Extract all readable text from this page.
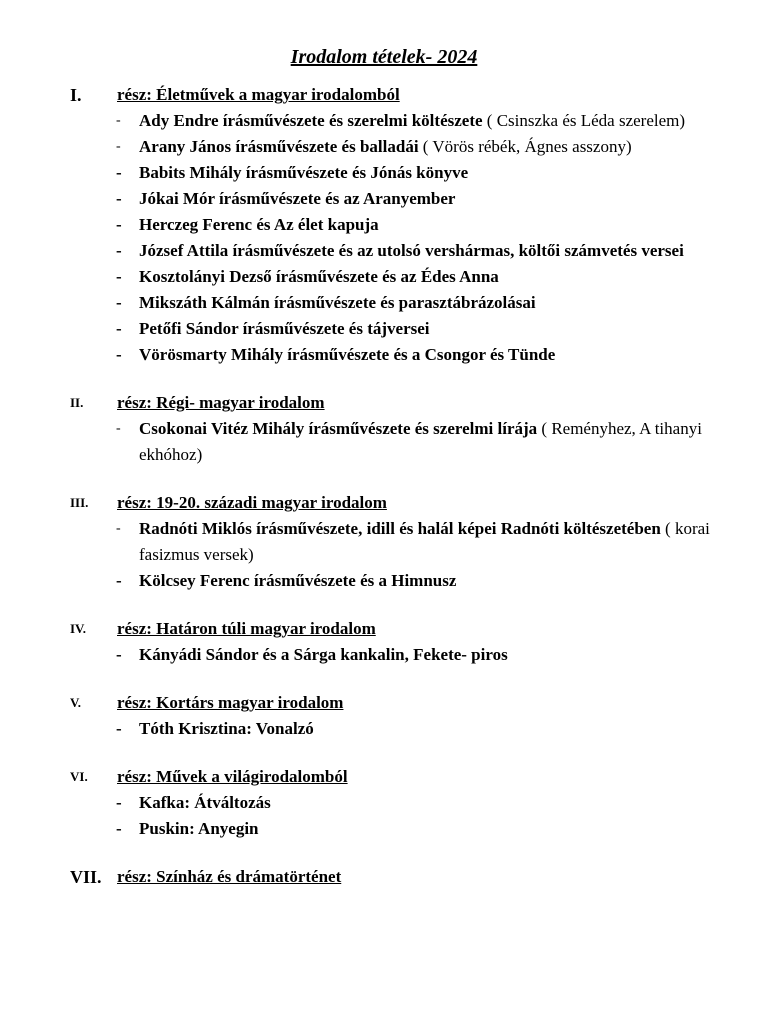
Irodalom tételek- 2024
I. rész: Életművek a magyar irodalomból
- Ady Endre írásművészete és szerelmi költészete ( Csinszka és Léda szerelem)
- Arany János írásművészete és balladái ( Vörös rébék, Ágnes asszony)
- Babits Mihály írásművészete és Jónás könyve
- Jókai Mór írásművészete és az Aranyember
- Herczeg Ferenc és Az élet kapuja
- József Attila írásművészete és az utolsó vershármas, költői számvetés versei
- Kosztolányi Dezső írásművészete és az Édes Anna
- Mikszáth Kálmán írásművészete és parasztábrázolásai
- Petőfi Sándor írásművészete és tájversei
- Vörösmarty Mihály írásművészete és a Csongor és Tünde
II. rész: Régi- magyar irodalom
- Csokonai Vitéz Mihály írásművészete és szerelmi lírája ( Reményhez, A tihanyi ekhóhoz)
III. rész: 19-20. századi magyar irodalom
- Radnóti Miklós írásművészete, idill és halál képei Radnóti költészetében ( korai fasizmus versek)
- Kölcsey Ferenc írásművészete és a Himnusz
IV. rész: Határon túli magyar irodalom
- Kányádi Sándor és a Sárga kankalin, Fekete- piros
V. rész: Kortárs magyar irodalom
- Tóth Krisztina: Vonalzó
VI. rész: Művek a világirodalomból
- Kafka: Átváltozás
- Puskin: Anyegin
VII. rész: Színház és drámatörténet
